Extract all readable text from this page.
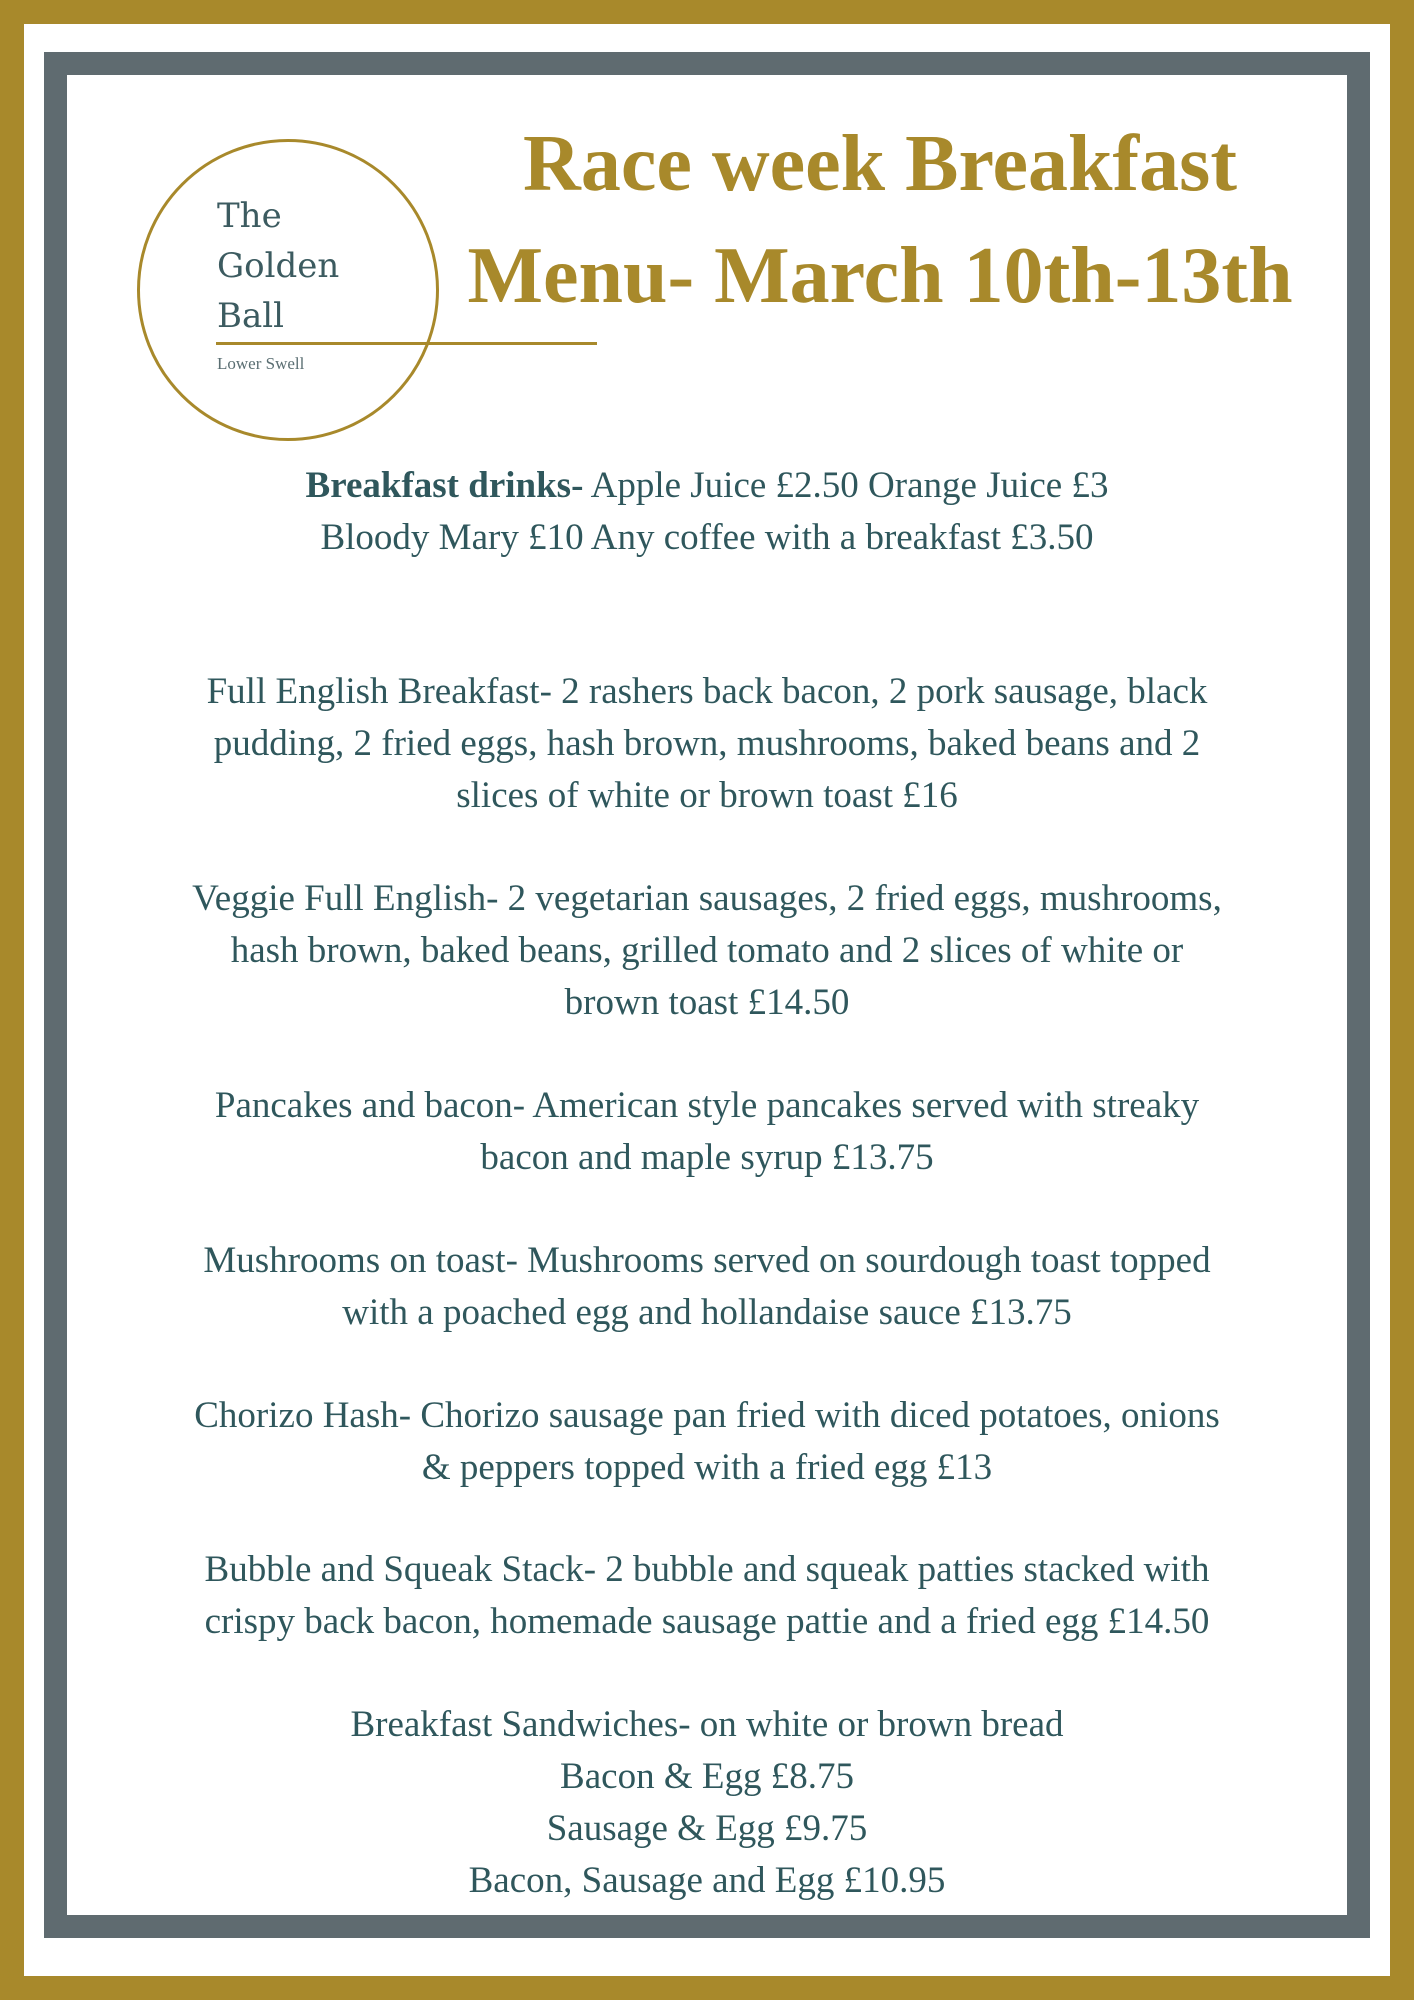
The
Golden
Ball
Lower Swell
Race week Breakfast
Menu- March 10th-13th
Breakfast drinks- Apple Juice £2.50 Orange Juice £3
Bloody Mary £10 Any coffee with a breakfast £3.50
Full English Breakfast- 2 rashers back bacon, 2 pork sausage, black
pudding, 2 fried eggs, hash brown, mushrooms, baked beans and 2
slices of white or brown toast £16
Veggie Full English- 2 vegetarian sausages, 2 fried eggs, mushrooms,
hash brown, baked beans, grilled tomato and 2 slices of white or
brown toast £14.50
Pancakes and bacon- American style pancakes served with streaky
bacon and maple syrup £13.75
Mushrooms on toast- Mushrooms served on sourdough toast topped
with a poached egg and hollandaise sauce £13.75
Chorizo Hash- Chorizo sausage pan fried with diced potatoes, onions
& peppers topped with a fried egg £13
Bubble and Squeak Stack- 2 bubble and squeak patties stacked with
crispy back bacon, homemade sausage pattie and a fried egg £14.50
Breakfast Sandwiches- on white or brown bread
Bacon & Egg £8.75
Sausage & Egg £9.75
Bacon, Sausage and Egg £10.95
